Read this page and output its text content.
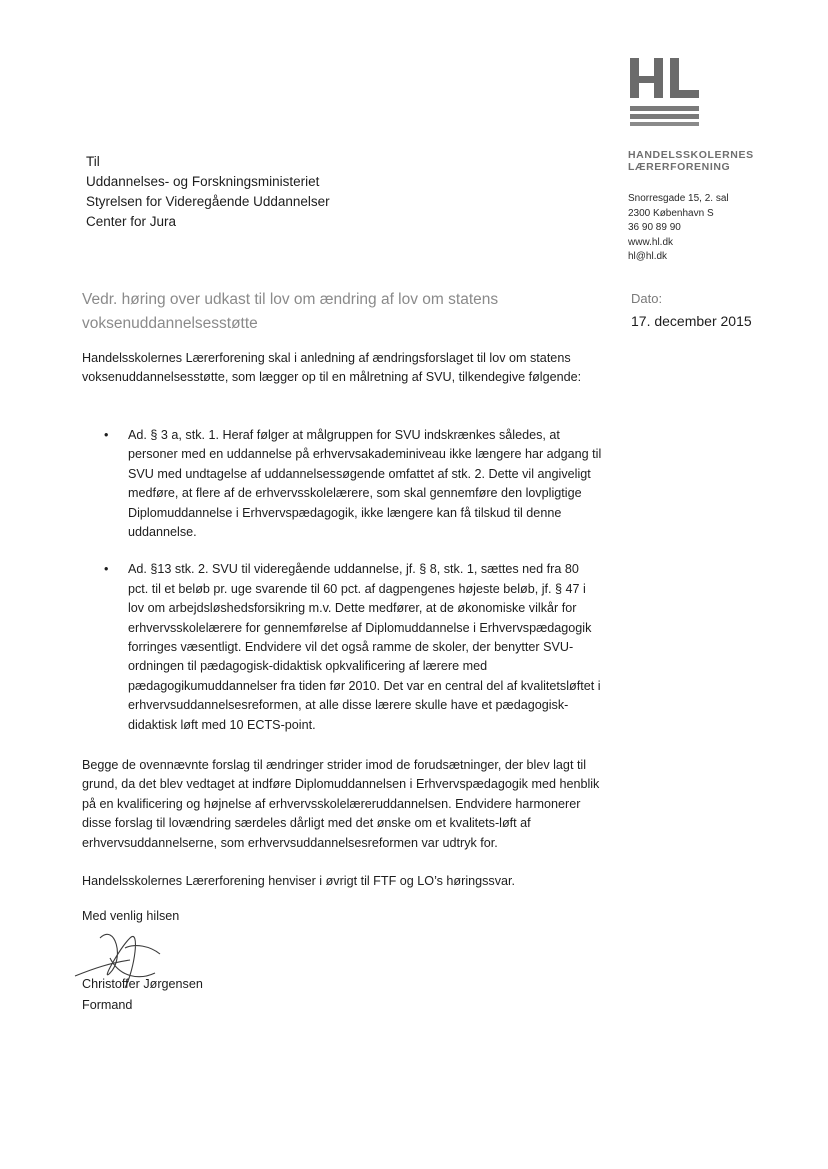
HANDELSSKOLERNES
LÆRERFORENING
Snorresgade 15, 2. sal
2300 København S
36 90 89 90
www.hl.dk
hl@hl.dk
Dato:
17. december 2015
Til
Uddannelses- og Forskningsministeriet
Styrelsen for Videregående Uddannelser
Center for Jura
Vedr. høring over udkast til lov om ændring af lov om statens voksenuddannelsesstøtte
Handelsskolernes Lærerforening skal i anledning af ændringsforslaget til lov om statens voksenuddannelsesstøtte, som lægger op til en målretning af SVU, tilkendegive følgende:
• Ad. § 3 a, stk. 1. Heraf følger at målgruppen for SVU indskrænkes således, at personer med en uddannelse på erhvervsakademiniveau ikke længere har adgang til SVU med undtagelse af uddannelsessøgende omfattet af stk. 2. Dette vil angiveligt medføre, at flere af de erhvervsskolelærere, som skal gennemføre den lovpligtige Diplomuddannelse i Erhvervspædagogik, ikke længere kan få tilskud til denne uddannelse.
• Ad. §13 stk. 2. SVU til videregående uddannelse, jf. § 8, stk. 1, sættes ned fra 80 pct. til et beløb pr. uge svarende til 60 pct. af dagpengenes højeste beløb, jf. § 47 i lov om arbejdsløshedsforsikring m.v. Dette medfører, at de økonomiske vilkår for erhvervsskolelærere for gennemførelse af Diplomuddannelse i Erhvervspædagogik forringes væsentligt. Endvidere vil det også ramme de skoler, der benytter SVU-ordningen til pædagogisk-didaktisk opkvalificering af lærere med pædagogikumuddannelser fra tiden før 2010. Det var en central del af kvalitetsløftet i erhvervsuddannelsesreformen, at alle disse lærere skulle have et pædagogisk-didaktisk løft med 10 ECTS-point.
Begge de ovennævnte forslag til ændringer strider imod de forudsætninger, der blev lagt til grund, da det blev vedtaget at indføre Diplomuddannelsen i Erhvervspædagogik med henblik på en kvalificering og højnelse af erhvervsskolelæreruddannelsen. Endvidere harmonerer disse forslag til lovændring særdeles dårligt med det ønske om et kvalitets-løft af erhvervsuddannelserne, som erhvervsuddannelsesreformen var udtryk for.
Handelsskolernes Lærerforening henviser i øvrigt til FTF og LO’s høringssvar.
Med venlig hilsen
Christoffer Jørgensen
Formand
